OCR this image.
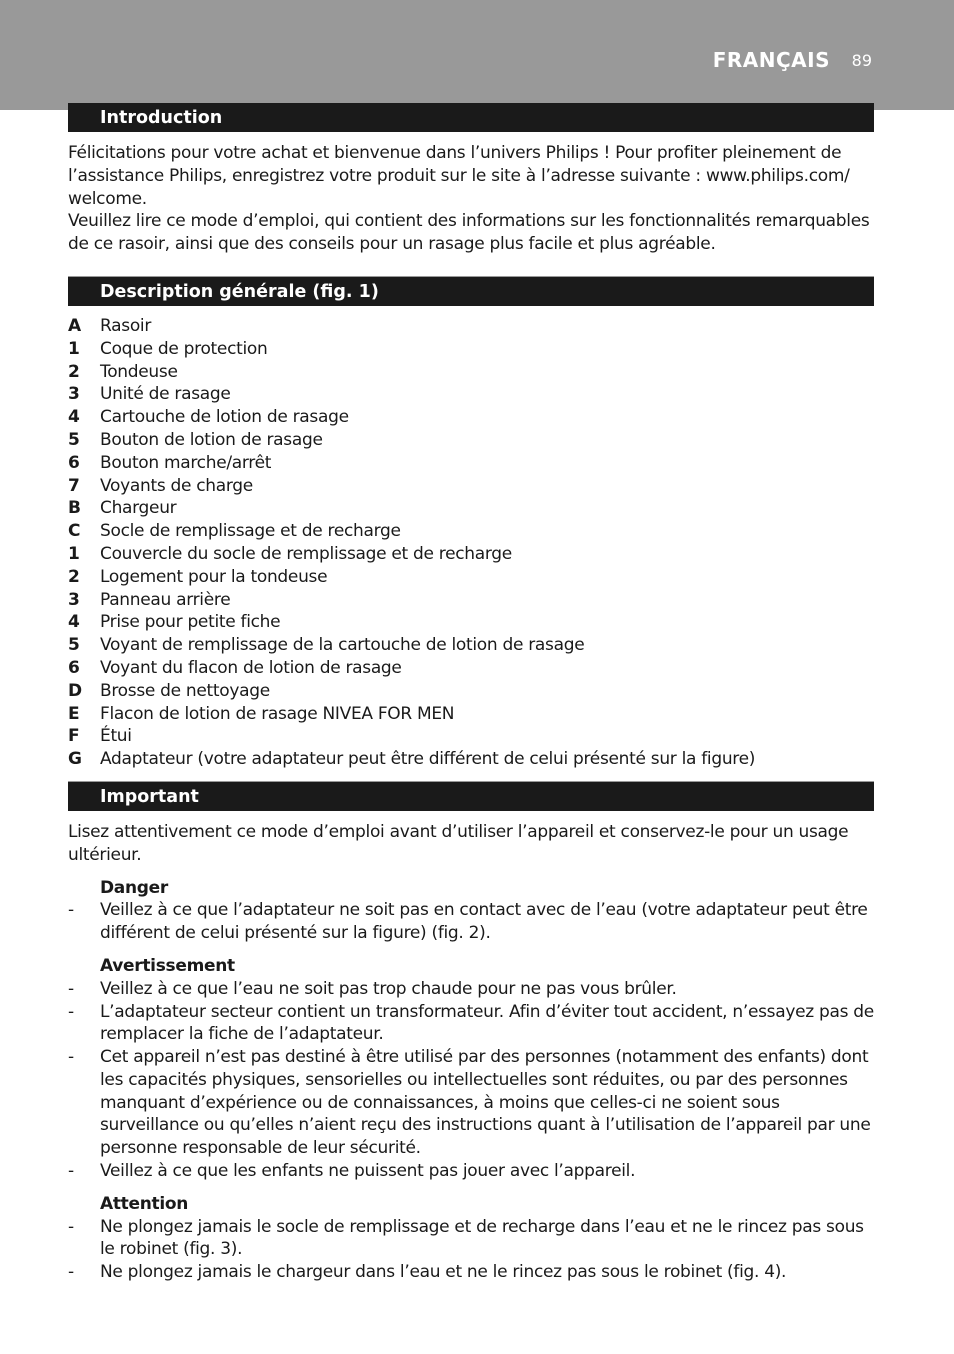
FRANÇAIS 89
Introduction

Félicitations pour votre achat et bienvenue dans l’univers Philips ! Pour profiter pleinement de l’assistance Philips, enregistrez votre produit sur le site à l’adresse suivante : www.philips.com/ welcome.

Veuillez lire ce mode d’emploi, qui contient des informations sur les fonctionnalités remarquables de ce rasoir, ainsi que des conseils pour un rasage plus facile et plus agréable.

Description générale (fig. 1)
A	Rasoir
1	Coque de protection
2	Tondeuse
3	Unité de rasage
4	Cartouche de lotion de rasage
5	Bouton de lotion de rasage
6	Bouton marche/arrêt
7	Voyants de charge
B	Chargeur
C	Socle de remplissage et de recharge
1	Couvercle du socle de remplissage et de recharge
2	Logement pour la tondeuse
3	Panneau arrière
4	Prise pour petite fiche
5	Voyant de remplissage de la cartouche de lotion de rasage
6	Voyant du flacon de lotion de rasage
D	Brosse de nettoyage
E	Flacon de lotion de rasage NIVEA FOR MEN
F	Étui
G	Adaptateur (votre adaptateur peut être différent de celui présenté sur la figure)
Important

Lisez attentivement ce mode d’emploi avant d’utiliser l’appareil et conservez-le pour un usage ultérieur.

Danger
-	Veillez à ce que l’adaptateur ne soit pas en contact avec de l’eau (votre adaptateur peut être différent de celui présenté sur la figure) (fig. 2).
Avertissement
-	Veillez à ce que l’eau ne soit pas trop chaude pour ne pas vous brûler.
-	L’adaptateur secteur contient un transformateur. Afin d’éviter tout accident, n’essayez pas de remplacer la fiche de l’adaptateur.
-	Cet appareil n’est pas destiné à être utilisé par des personnes (notamment des enfants) dont les capacités physiques, sensorielles ou intellectuelles sont réduites, ou par des personnes manquant d’expérience ou de connaissances, à moins que celles-ci ne soient sous surveillance ou qu’elles n’aient reçu des instructions quant à l’utilisation de l’appareil par une personne responsable de leur sécurité.
-	Veillez à ce que les enfants ne puissent pas jouer avec l’appareil.
Attention
-	Ne plongez jamais le socle de remplissage et de recharge dans l’eau et ne le rincez pas sous le robinet (fig. 3).
-	Ne plongez jamais le chargeur dans l’eau et ne le rincez pas sous le robinet (fig. 4).
